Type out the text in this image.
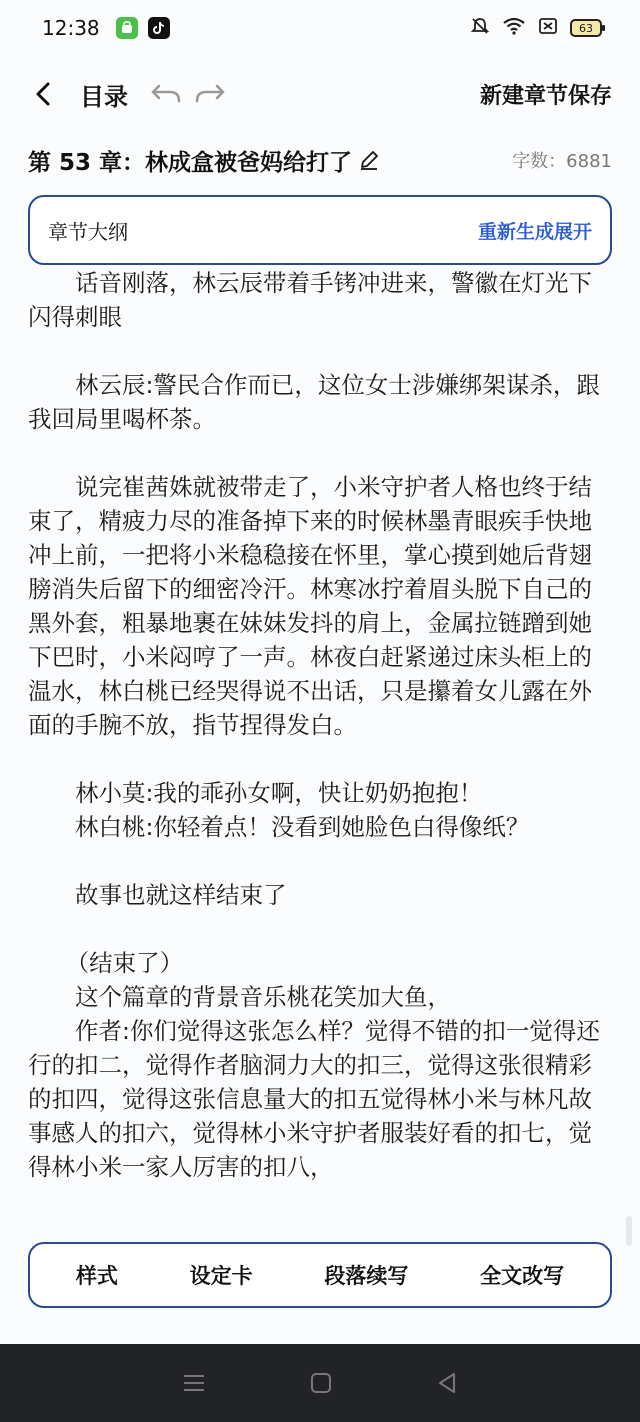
12:38	63
目录	新建章节保存
第 53 章：林成盒被爸妈给打了	字数：6881
章节大纲	重新生成展开

话音刚落，林云辰带着手铐冲进来，警徽在灯光下闪得刺眼

林云辰:警民合作而已，这位女士涉嫌绑架谋杀，跟我回局里喝杯茶。

说完崔茜姝就被带走了，小米守护者人格也终于结束了，精疲力尽的准备掉下来的时候林墨青眼疾手快地冲上前，一把将小米稳稳接在怀里，掌心摸到她后背翅膀消失后留下的细密冷汗。林寒冰拧着眉头脱下自己的黑外套，粗暴地裹在妹妹发抖的肩上，金属拉链蹭到她下巴时，小米闷哼了一声。林夜白赶紧递过床头柜上的温水，林白桃已经哭得说不出话，只是攥着女儿露在外面的手腕不放，指节捏得发白。

林小莫:我的乖孙女啊，快让奶奶抱抱！

林白桃:你轻着点！没看到她脸色白得像纸？

故事也就这样结束了

（结束了）

这个篇章的背景音乐桃花笑加大鱼，

作者:你们觉得这张怎么样？觉得不错的扣一觉得还行的扣二，觉得作者脑洞力大的扣三，觉得这张很精彩的扣四，觉得这张信息量大的扣五觉得林小米与林凡故事感人的扣六，觉得林小米守护者服装好看的扣七，觉得林小米一家人厉害的扣八，

样式	设定卡	段落续写	全文改写
